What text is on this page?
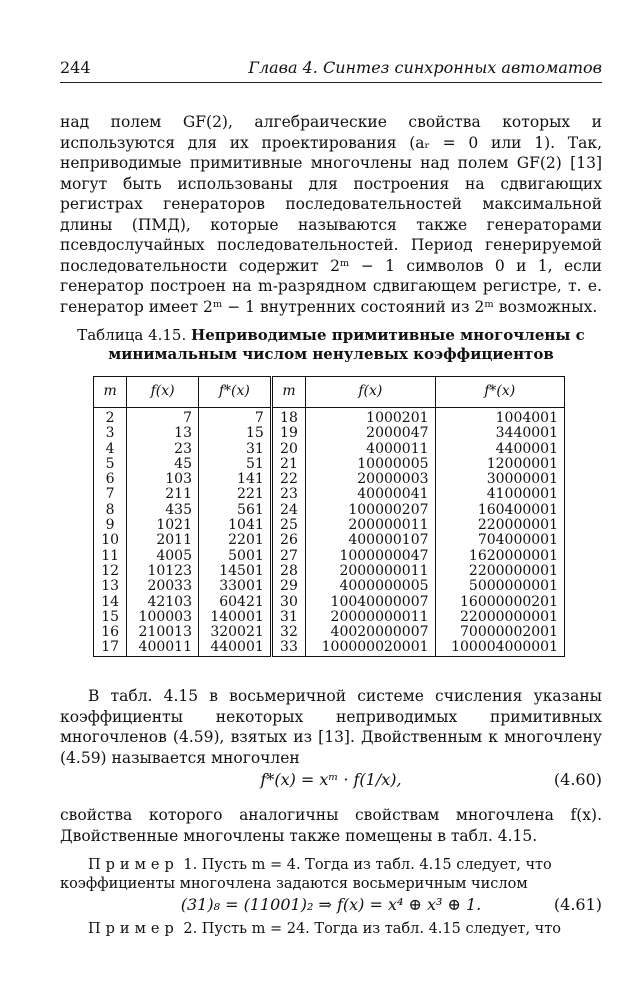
244	Глава 4. Синтез синхронных автоматов

над полем GF(2), алгебраические свойства которых и используются для их проектирования (aᵣ = 0 или 1). Так, неприводимые примитивные многочлены над полем GF(2) [13] могут быть использованы для построения на сдвигающих регистрах генераторов последовательностей максимальной длины (ПМД), которые называются также генераторами псевдослучайных последовательностей. Период генерируемой последовательности содержит 2ᵐ − 1 символов 0 и 1, если генератор построен на m-разрядном сдвигающем регистре, т. е. генератор имеет 2ᵐ − 1 внутренних состояний из 2ᵐ возможных.

Таблица 4.15. Неприводимые примитивные многочлены с минимальным числом ненулевых коэффициентов
m	f(x)	f*(x)	m	f(x)	f*(x)
2	7	7	18	1000201	1004001
3	13	15	19	2000047	3440001
4	23	31	20	4000011	4400001
5	45	51	21	10000005	12000001
6	103	141	22	20000003	30000001
7	211	221	23	40000041	41000001
8	435	561	24	100000207	160400001
9	1021	1041	25	200000011	220000001
10	2011	2201	26	400000107	704000001
11	4005	5001	27	1000000047	1620000001
12	10123	14501	28	2000000011	2200000001
13	20033	33001	29	4000000005	5000000001
14	42103	60421	30	10040000007	16000000201
15	100003	140001	31	20000000011	22000000001
16	210013	320021	32	40020000007	70000002001
17	400011	440001	33	100000020001	100004000001

В табл. 4.15 в восьмеричной системе счисления указаны коэффициенты некоторых неприводимых примитивных многочленов (4.59), взятых из [13]. Двойственным к многочлену (4.59) называется многочлен

f*(x) = xᵐ · f(1/x),	(4.60)

свойства которого аналогичны свойствам многочлена f(x). Двойственные многочлены также помещены в табл. 4.15.

Пример 1. Пусть m = 4. Тогда из табл. 4.15 следует, что коэффициенты многочлена задаются восьмеричным числом

(31)₈ = (11001)₂ ⇒ f(x) = x⁴ ⊕ x³ ⊕ 1.	(4.61)

Пример 2. Пусть m = 24. Тогда из табл. 4.15 следует, что
